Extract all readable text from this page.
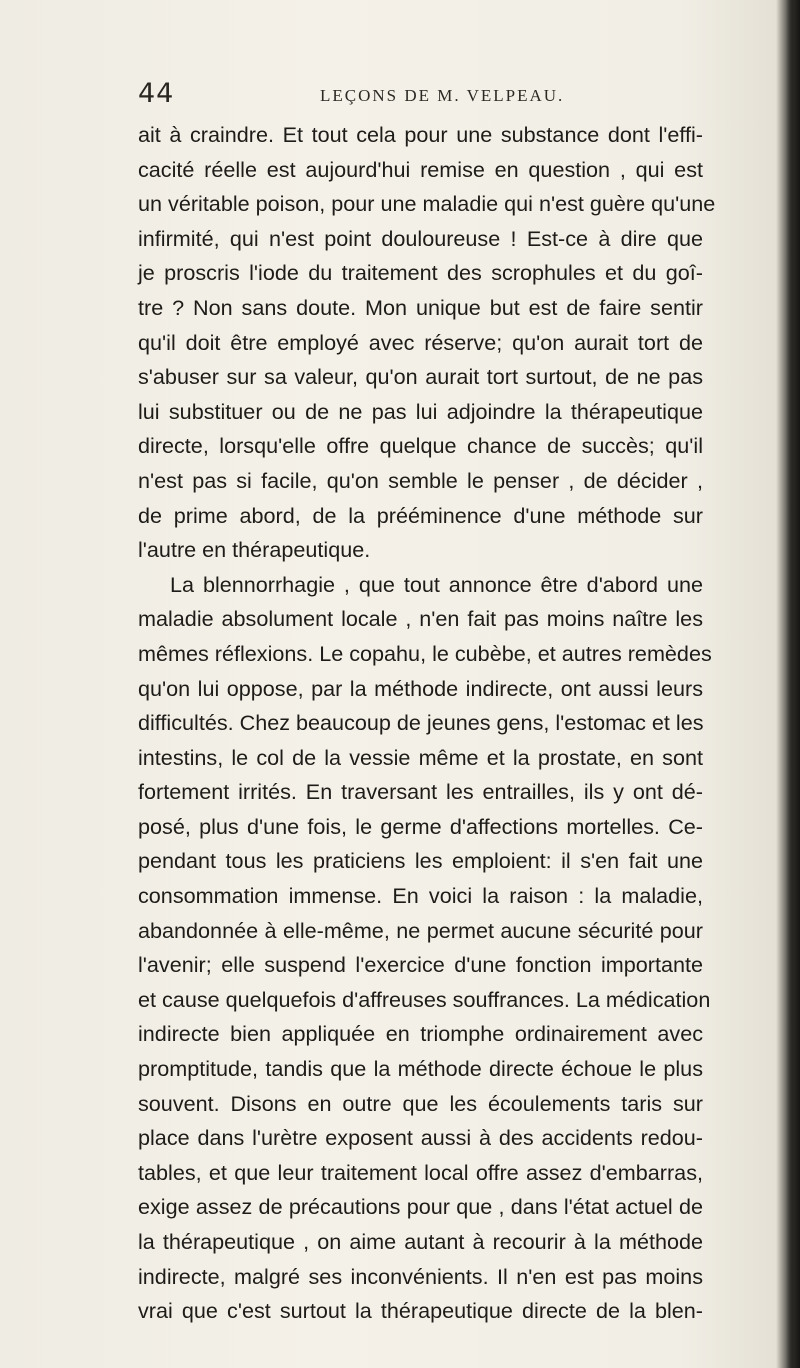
44	LEÇONS DE M. VELPEAU.
ait à craindre. Et tout cela pour une substance dont l'effi-
cacité réelle est aujourd'hui remise en question , qui est
un véritable poison, pour une maladie qui n'est guère qu'une
infirmité, qui n'est point douloureuse ! Est-ce à dire que
je proscris l'iode du traitement des scrophules et du goî-
tre ? Non sans doute. Mon unique but est de faire sentir
qu'il doit être employé avec réserve; qu'on aurait tort de
s'abuser sur sa valeur, qu'on aurait tort surtout, de ne pas
lui substituer ou de ne pas lui adjoindre la thérapeutique
directe, lorsqu'elle offre quelque chance de succès; qu'il
n'est pas si facile, qu'on semble le penser , de décider ,
de prime abord, de la prééminence d'une méthode sur
l'autre en thérapeutique.
La blennorrhagie , que tout annonce être d'abord une
maladie absolument locale , n'en fait pas moins naître les
mêmes réflexions. Le copahu, le cubèbe, et autres remèdes
qu'on lui oppose, par la méthode indirecte, ont aussi leurs
difficultés. Chez beaucoup de jeunes gens, l'estomac et les
intestins, le col de la vessie même et la prostate, en sont
fortement irrités. En traversant les entrailles, ils y ont dé-
posé, plus d'une fois, le germe d'affections mortelles. Ce-
pendant tous les praticiens les emploient: il s'en fait une
consommation immense. En voici la raison : la maladie,
abandonnée à elle-même, ne permet aucune sécurité pour
l'avenir; elle suspend l'exercice d'une fonction importante
et cause quelquefois d'affreuses souffrances. La médication
indirecte bien appliquée en triomphe ordinairement avec
promptitude, tandis que la méthode directe échoue le plus
souvent. Disons en outre que les écoulements taris sur
place dans l'urètre exposent aussi à des accidents redou-
tables, et que leur traitement local offre assez d'embarras,
exige assez de précautions pour que , dans l'état actuel de
la thérapeutique , on aime autant à recourir à la méthode
indirecte, malgré ses inconvénients. Il n'en est pas moins
vrai que c'est surtout la thérapeutique directe de la blen-
